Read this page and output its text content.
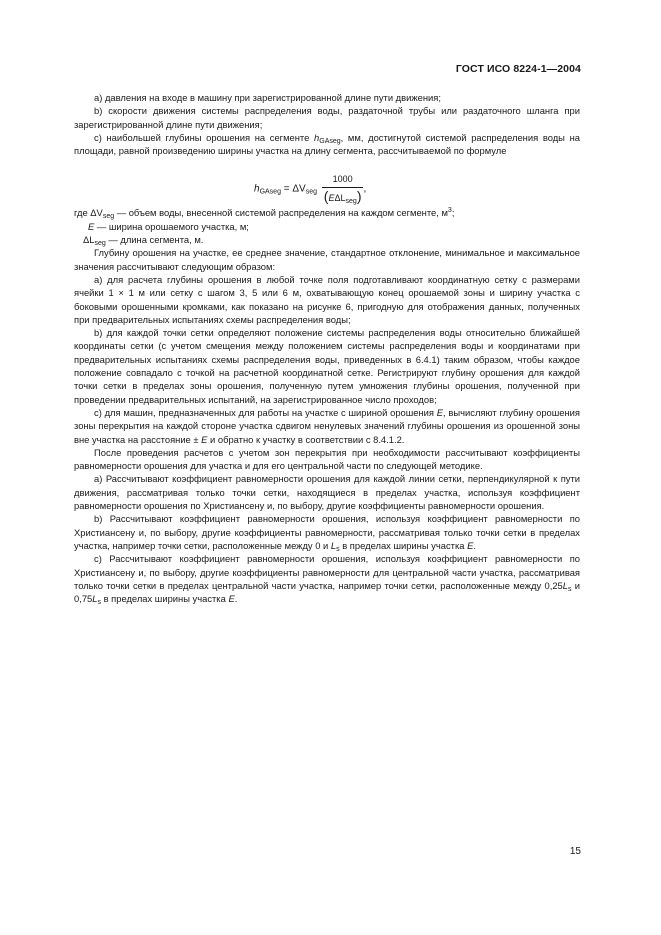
ГОСТ ИСО 8224-1—2004

a) давления на входе в машину при зарегистрированной длине пути движения;

b) скорости движения системы распределения воды, раздаточной трубы или раздаточного шланга при зарегистрированной длине пути движения;

c) наибольшей глубины орошения на сегменте $h_{GAseg}$, мм, достигнутой системой распределения воды на площади, равной произведению ширины участка на длину сегмента, рассчитываемой по формуле

$h_{GAseg} = \Delta V_{seg} \frac{1000}{(E\Delta L_{seg})}$ ,
где $\Delta V_{seg}$ — объем воды, внесенной системой распределения на каждом сегменте, $м^3$;
E — ширина орошаемого участка, м;
$\Delta L_{seg}$ — длина сегмента, м.

Глубину орошения на участке, ее среднее значение, стандартное отклонение, минимальное и максимальное значения рассчитывают следующим образом:

a) для расчета глубины орошения в любой точке поля подготавливают координатную сетку с размерами ячейки 1 × 1 м или сетку с шагом 3, 5 или 6 м, охватывающую конец орошаемой зоны и ширину участка с боковыми орошенными кромками, как показано на рисунке 6, пригодную для отображения данных, полученных при предварительных испытаниях схемы распределения воды;

b) для каждой точки сетки определяют положение системы распределения воды относительно ближайшей координаты сетки (с учетом смещения между положением системы распределения воды и координатами при предварительных испытаниях схемы распределения воды, приведенных в 6.4.1) таким образом, чтобы каждое положение совпадало с точкой на расчетной координатной сетке. Регистрируют глубину орошения для каждой точки сетки в пределах зоны орошения, полученную путем умножения глубины орошения, полученной при проведении предварительных испытаний, на зарегистрированное число проходов;

c) для машин, предназначенных для работы на участке с шириной орошения E, вычисляют глубину орошения зоны перекрытия на каждой стороне участка сдвигом ненулевых значений глубины орошения из орошенной зоны вне участка на расстояние ± E и обратно к участку в соответствии с 8.4.1.2.

После проведения расчетов с учетом зон перекрытия при необходимости рассчитывают коэффициенты равномерности орошения для участка и для его центральной части по следующей методике.

a) Рассчитывают коэффициент равномерности орошения для каждой линии сетки, перпендикулярной к пути движения, рассматривая только точки сетки, находящиеся в пределах участка, используя коэффициент равномерности орошения по Христиансену и, по выбору, другие коэффициенты равномерности орошения.

b) Рассчитывают коэффициент равномерности орошения, используя коэффициент равномерности по Христиансену и, по выбору, другие коэффициенты равномерности, рассматривая только точки сетки в пределах участка, например точки сетки, расположенные между 0 и $L_s$ в пределах ширины участка E.

c) Рассчитывают коэффициент равномерности орошения, используя коэффициент равномерности по Христиансену и, по выбору, другие коэффициенты равномерности для центральной части участка, рассматривая только точки сетки в пределах центральной части участка, например точки сетки, расположенные между $0,25L_s$ и $0,75L_s$ в пределах ширины участка E.

15
